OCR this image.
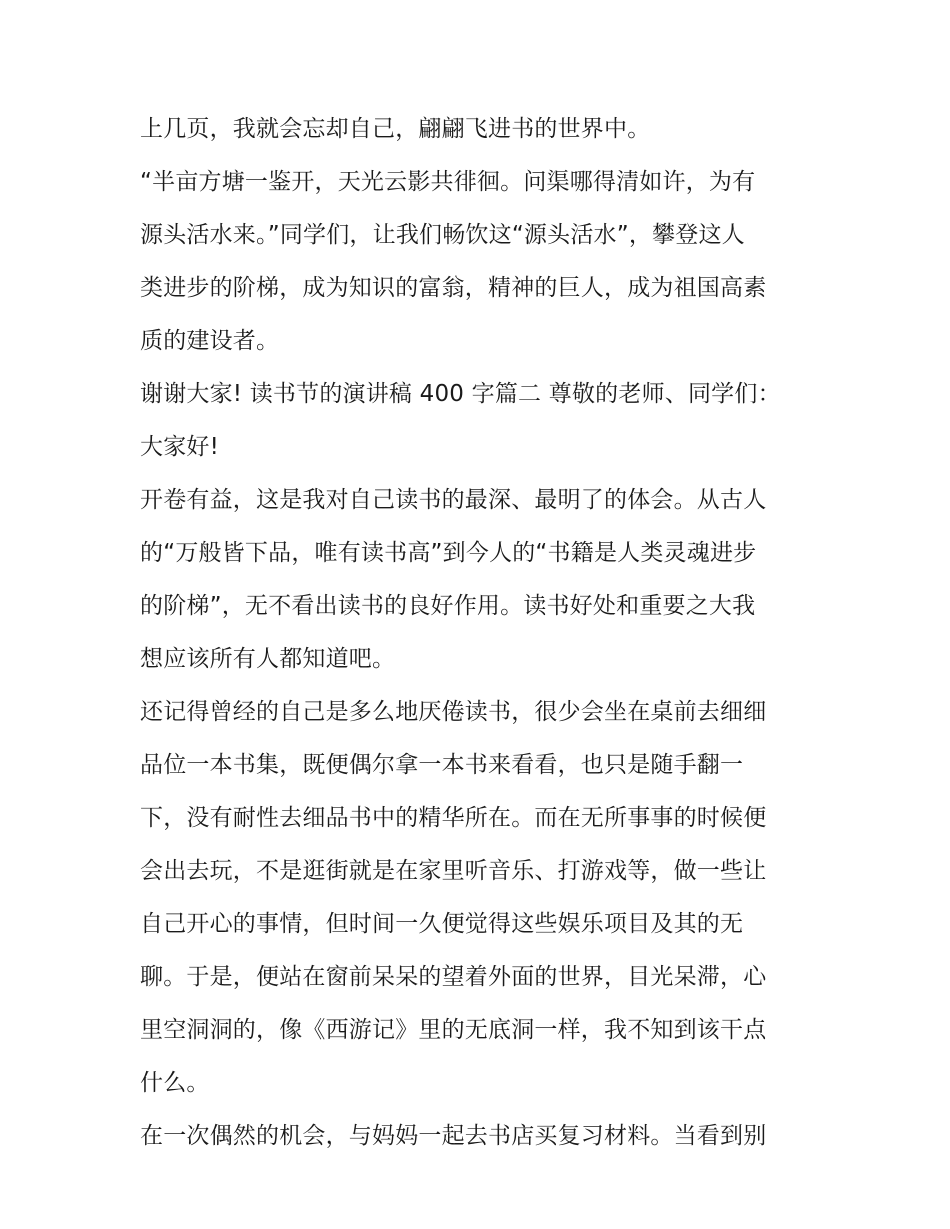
上几页，我就会忘却自己，翩翩飞进书的世界中。
“半亩方塘一鉴开，天光云影共徘徊。问渠哪得清如许，为有
源头活水来。”同学们，让我们畅饮这“源头活水”，攀登这人
类进步的阶梯，成为知识的富翁，精神的巨人，成为祖国高素
质的建设者。
谢谢大家! 读书节的演讲稿 400 字篇二 尊敬的老师、同学们：
大家好!
开卷有益，这是我对自己读书的最深、最明了的体会。从古人
的“万般皆下品，唯有读书高”到今人的“书籍是人类灵魂进步
的阶梯”，无不看出读书的良好作用。读书好处和重要之大我
想应该所有人都知道吧。
还记得曾经的自己是多么地厌倦读书，很少会坐在桌前去细细
品位一本书集，既便偶尔拿一本书来看看，也只是随手翻一
下，没有耐性去细品书中的精华所在。而在无所事事的时候便
会出去玩，不是逛街就是在家里听音乐、打游戏等，做一些让
自己开心的事情，但时间一久便觉得这些娱乐项目及其的无
聊。于是，便站在窗前呆呆的望着外面的世界，目光呆滞，心
里空洞洞的，像《西游记》里的无底洞一样，我不知到该干点
什么。
在一次偶然的机会，与妈妈一起去书店买复习材料。当看到别
